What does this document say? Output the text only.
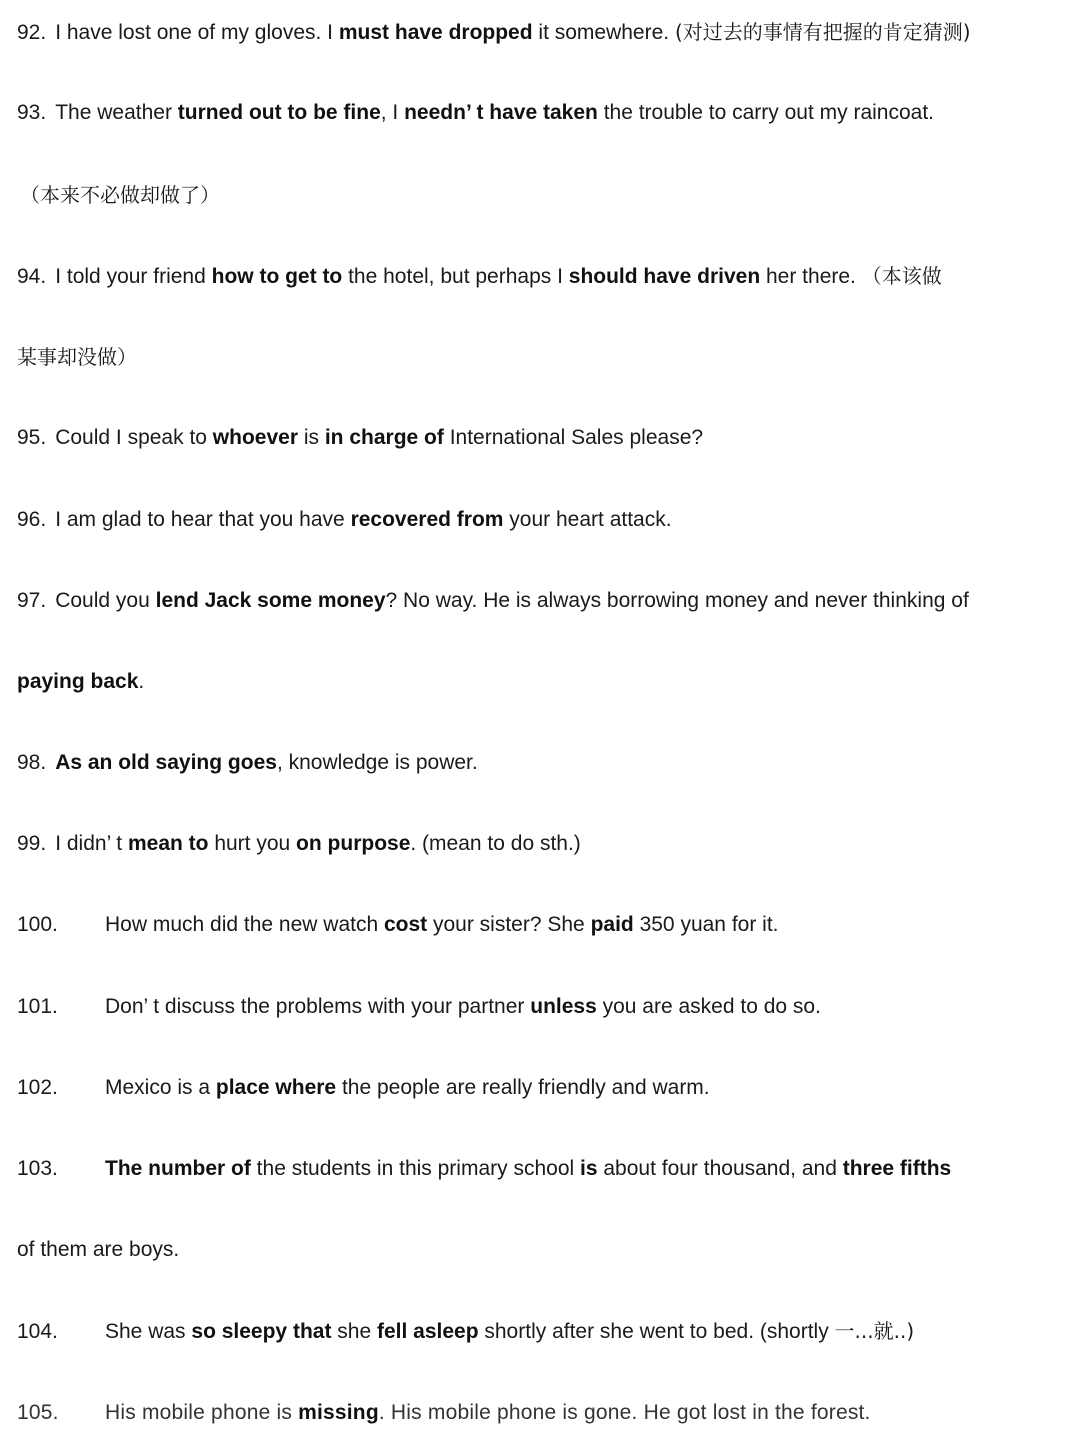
92. I have lost one of my gloves. I must have dropped it somewhere. (对过去的事情有把握的肯定猜测)
93. The weather turned out to be fine, I needn’ t have taken the trouble to carry out my raincoat.
（本来不必做却做了）
94. I told your friend how to get to the hotel, but perhaps I should have driven her there. （本该做
某事却没做）
95. Could I speak to whoever is in charge of International Sales please?
96. I am glad to hear that you have recovered from your heart attack.
97. Could you lend Jack some money? No way. He is always borrowing money and never thinking of
paying back.
98. As an old saying goes, knowledge is power.
99. I didn’ t mean to hurt you on purpose. (mean to do sth.)
100. How much did the new watch cost your sister? She paid 350 yuan for it.
101. Don’ t discuss the problems with your partner unless you are asked to do so.
102. Mexico is a place where the people are really friendly and warm.
103. The number of the students in this primary school is about four thousand, and three fifths
of them are boys.
104. She was so sleepy that she fell asleep shortly after she went to bed. (shortly 一...就..)
105. His mobile phone is missing. His mobile phone is gone. He got lost in the forest.
